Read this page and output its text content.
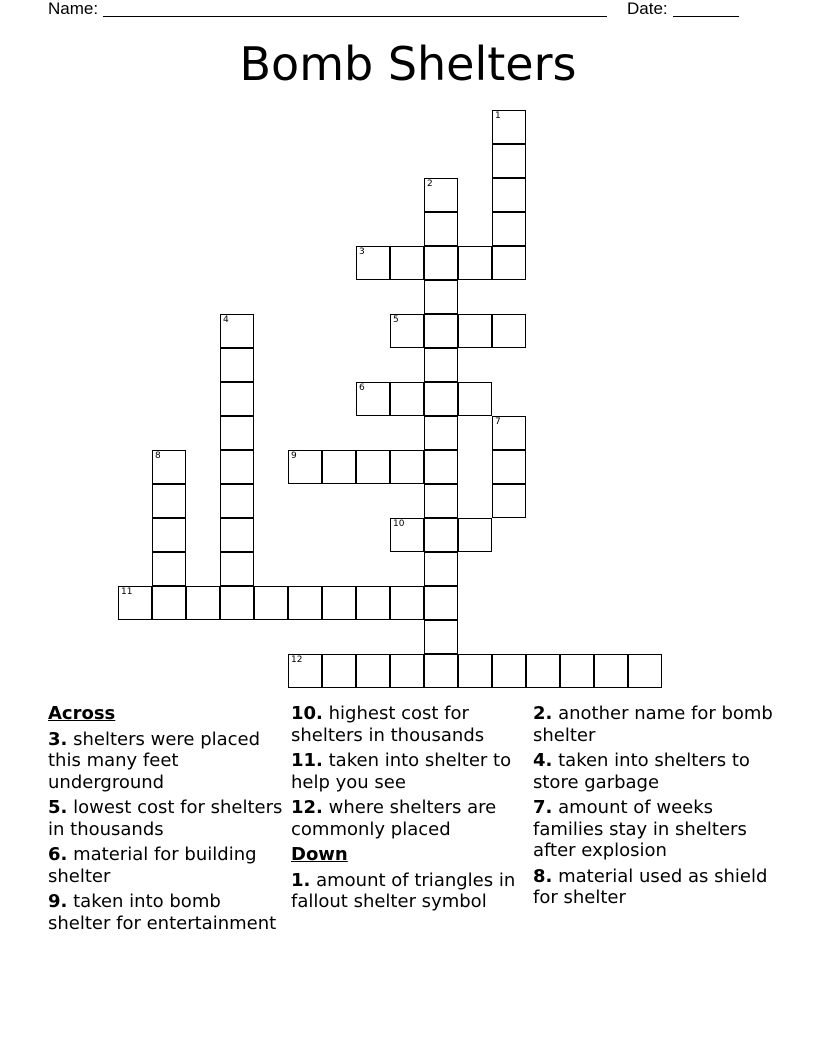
Name:	Date:
Bomb Shelters
1
2
3
4	5
6
7
8	9
10
11
12
Across
3. shelters were placed this many feet underground
5. lowest cost for shelters in thousands
6. material for building shelter
9. taken into bomb shelter for entertainment
10. highest cost for shelters in thousands
11. taken into shelter to help you see
12. where shelters are commonly placed
Down
1. amount of triangles in fallout shelter symbol
2. another name for bomb shelter
4. taken into shelters to store garbage
7. amount of weeks families stay in shelters after explosion
8. material used as shield for shelter
